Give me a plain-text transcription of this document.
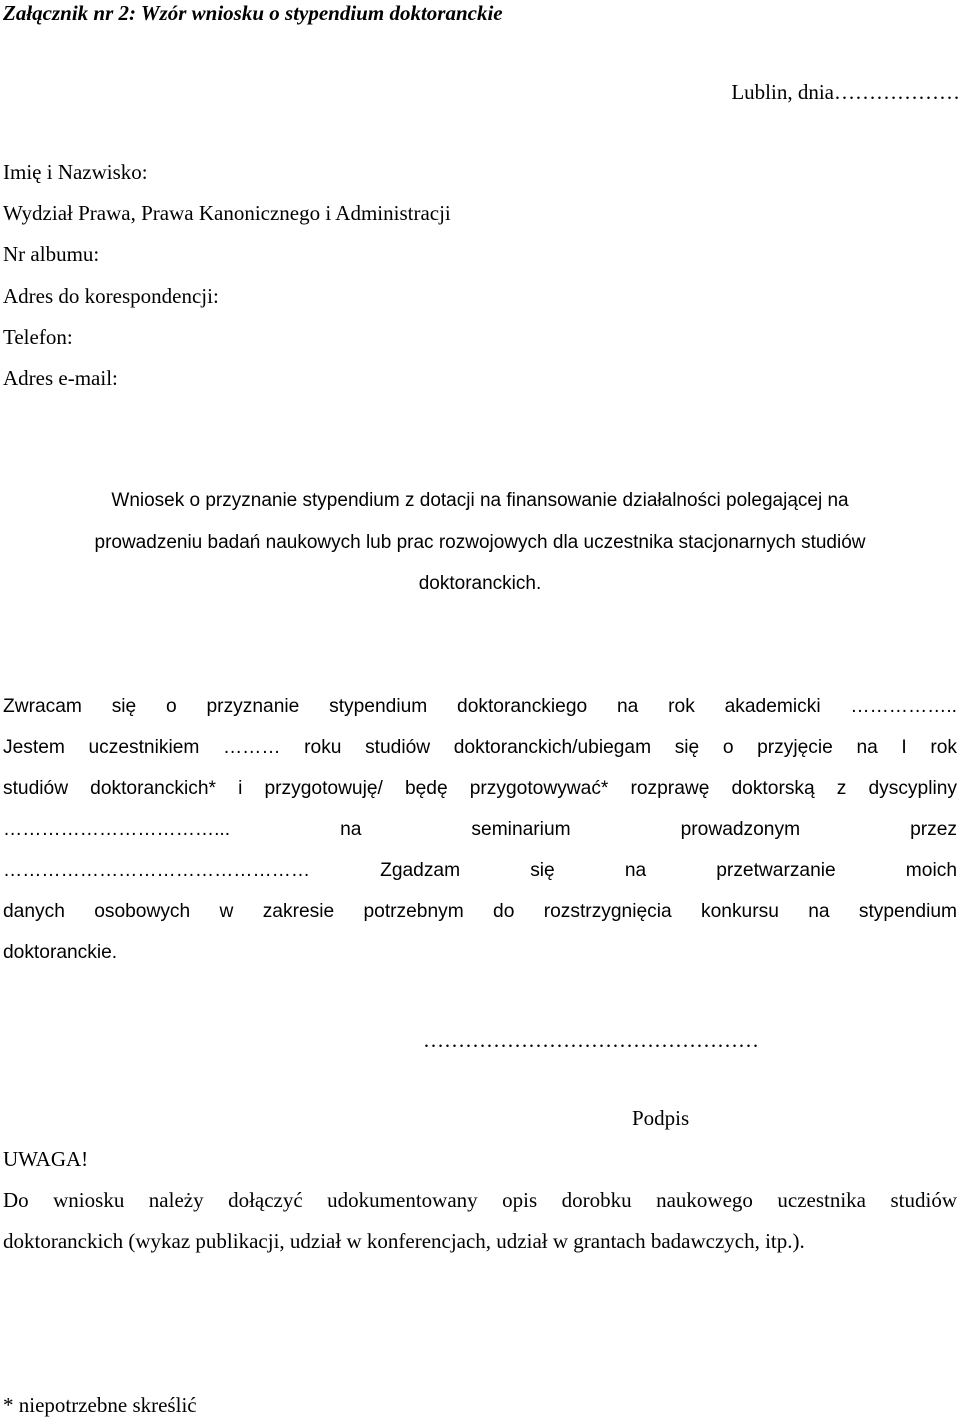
Załącznik nr 2: Wzór wniosku o stypendium doktoranckie
Lublin, dnia………………
Imię i Nazwisko:
Wydział Prawa, Prawa Kanonicznego i Administracji
Nr albumu:
Adres do korespondencji:
Telefon:
Adres e-mail:
Wniosek o przyznanie stypendium z dotacji na finansowanie działalności polegającej na
prowadzeniu badań naukowych lub prac rozwojowych dla uczestnika stacjonarnych studiów
doktoranckich.
Zwracam się o przyznanie stypendium doktoranckiego na rok akademicki ……………..
Jestem uczestnikiem ……… roku studiów doktoranckich/ubiegam się o przyjęcie na I rok
studiów doktoranckich* i przygotowuję/ będę przygotowywać* rozprawę doktorską z dyscypliny
……………………………... na seminarium prowadzonym przez
………………………………………… Zgadzam się na przetwarzanie moich
danych osobowych w zakresie potrzebnym do rozstrzygnięcia konkursu na stypendium
doktoranckie.
…………………………………………
Podpis
UWAGA!
Do wniosku należy dołączyć udokumentowany opis dorobku naukowego uczestnika studiów
doktoranckich (wykaz publikacji, udział w konferencjach, udział w grantach badawczych, itp.).
* niepotrzebne skreślić
